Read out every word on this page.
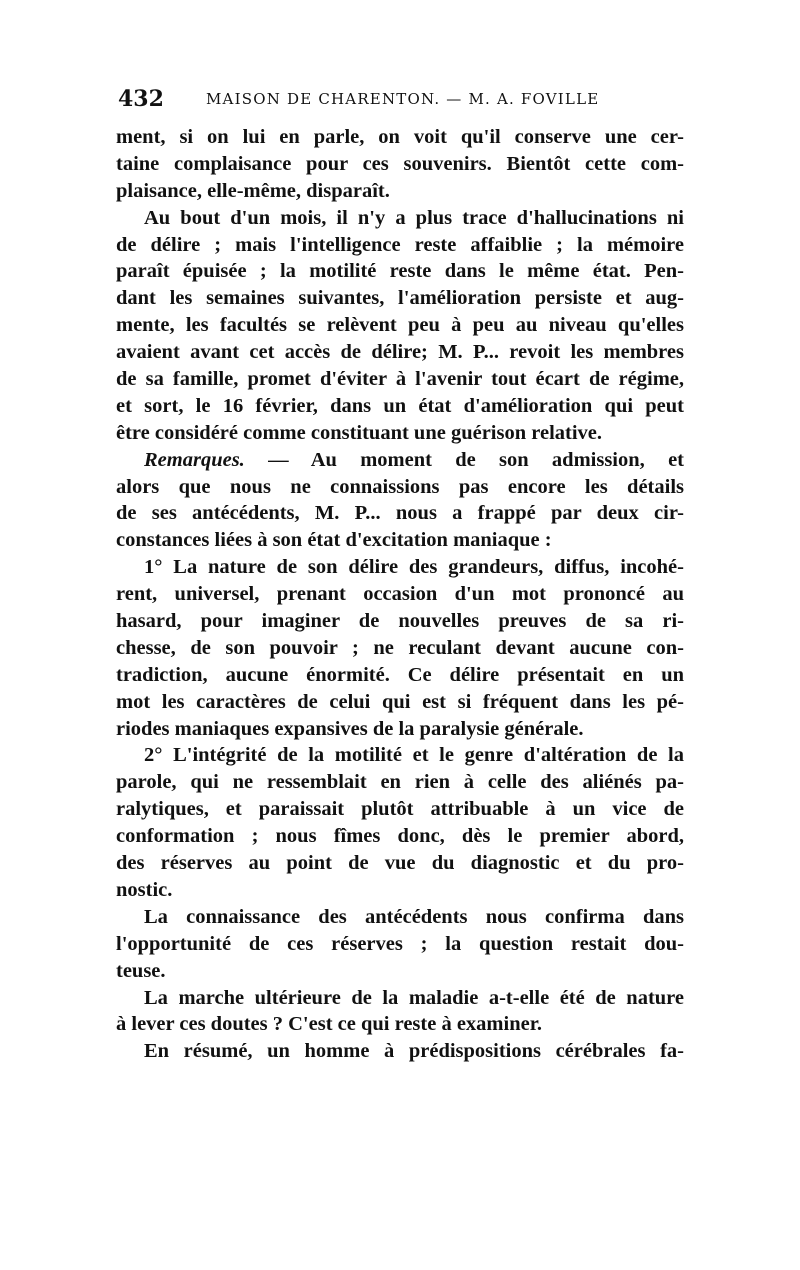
432	MAISON DE CHARENTON. — M. A. FOVILLE
ment, si on lui en parle, on voit qu'il conserve une cer-
taine complaisance pour ces souvenirs. Bientôt cette com-
plaisance, elle-même, disparaît.
Au bout d'un mois, il n'y a plus trace d'hallucinations ni
de délire ; mais l'intelligence reste affaiblie ; la mémoire
paraît épuisée ; la motilité reste dans le même état. Pen-
dant les semaines suivantes, l'amélioration persiste et aug-
mente, les facultés se relèvent peu à peu au niveau qu'elles
avaient avant cet accès de délire; M. P... revoit les membres
de sa famille, promet d'éviter à l'avenir tout écart de régime,
et sort, le 16 février, dans un état d'amélioration qui peut
être considéré comme constituant une guérison relative.
Remarques. — Au moment de son admission, et
alors que nous ne connaissions pas encore les détails
de ses antécédents, M. P... nous a frappé par deux cir-
constances liées à son état d'excitation maniaque :
1° La nature de son délire des grandeurs, diffus, incohé-
rent, universel, prenant occasion d'un mot prononcé au
hasard, pour imaginer de nouvelles preuves de sa ri-
chesse, de son pouvoir ; ne reculant devant aucune con-
tradiction, aucune énormité. Ce délire présentait en un
mot les caractères de celui qui est si fréquent dans les pé-
riodes maniaques expansives de la paralysie générale.
2° L'intégrité de la motilité et le genre d'altération de la
parole, qui ne ressemblait en rien à celle des aliénés pa-
ralytiques, et paraissait plutôt attribuable à un vice de
conformation ; nous fîmes donc, dès le premier abord,
des réserves au point de vue du diagnostic et du pro-
nostic.
La connaissance des antécédents nous confirma dans
l'opportunité de ces réserves ; la question restait dou-
teuse.
La marche ultérieure de la maladie a-t-elle été de nature
à lever ces doutes ? C'est ce qui reste à examiner.
En résumé, un homme à prédispositions cérébrales fa-
